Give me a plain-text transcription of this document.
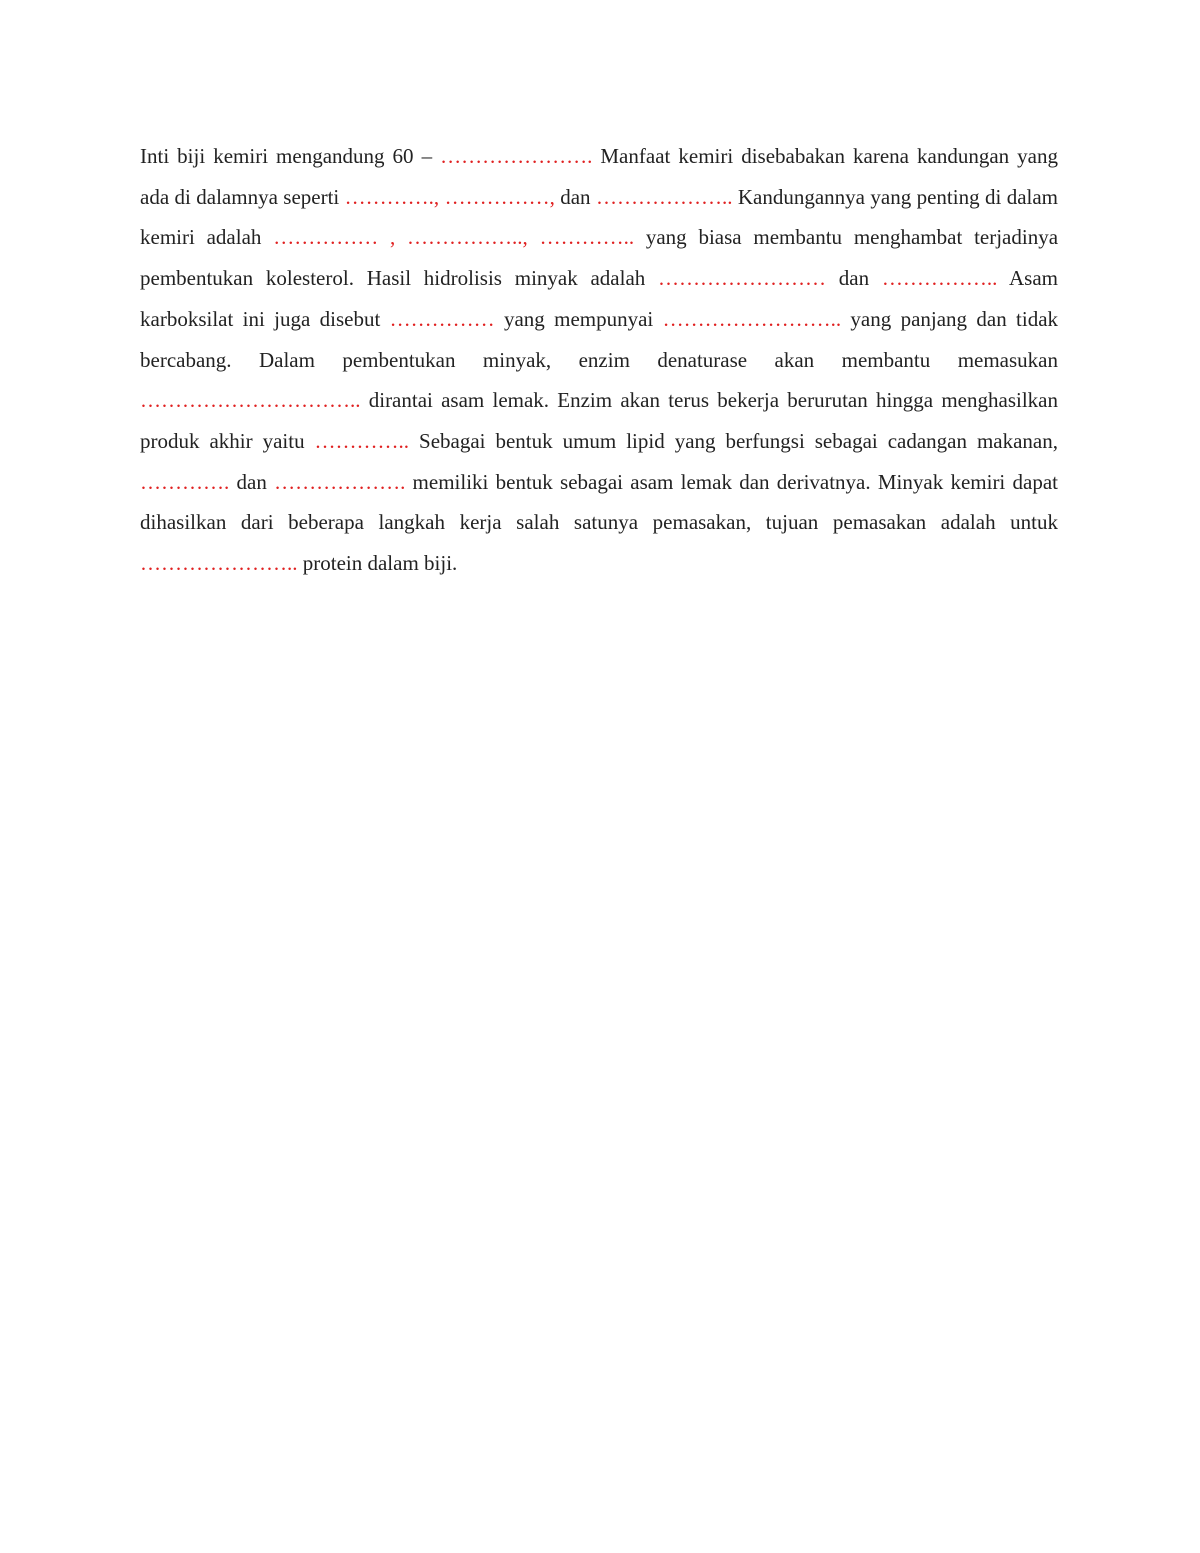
Inti biji kemiri mengandung 60 – …………………. Manfaat kemiri disebabakan karena kandungan yang ada di dalamnya seperti …………., ……………, dan ……………….. Kandungannya yang penting di dalam kemiri adalah …………… , …………….., ………….. yang biasa membantu menghambat terjadinya pembentukan kolesterol. Hasil hidrolisis minyak adalah …………………… dan …………….. Asam karboksilat ini juga disebut …………… yang mempunyai …………………….. yang panjang dan tidak bercabang. Dalam pembentukan minyak, enzim denaturase akan membantu memasukan ………………………….. dirantai asam lemak. Enzim akan terus bekerja berurutan hingga menghasilkan produk akhir yaitu ………….. Sebagai bentuk umum lipid yang berfungsi sebagai cadangan makanan, …………. dan ………………. memiliki bentuk sebagai asam lemak dan derivatnya. Minyak kemiri dapat dihasilkan dari beberapa langkah kerja salah satunya pemasakan, tujuan pemasakan adalah untuk ………………….. protein dalam biji.
